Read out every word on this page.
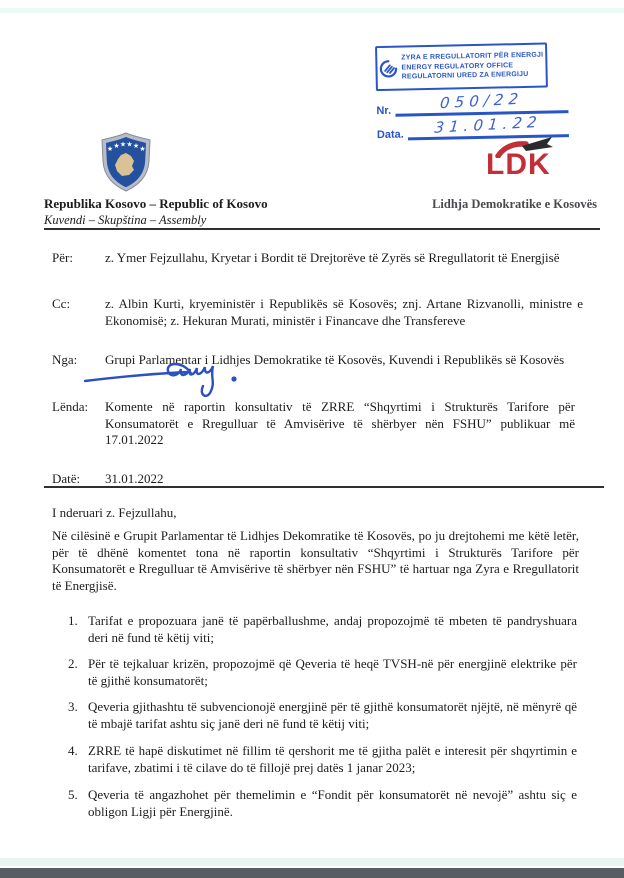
ZYRA E RREGULLATORIT PËR ENERGJI
ENERGY REGULATORY OFFICE
REGULATORNI URED ZA ENERGIJU
Nr.	050/22
Data.	31.01.22
★ ★ ★ ★ ★ ★
Republika Kosovo – Republic of Kosovo
Kuvendi – Skupština – Assembly
LDK
Lidhja Demokratike e Kosovës
Për:	z. Ymer Fejzullahu, Kryetar i Bordit të Drejtorëve të Zyrës së Rregullatorit të Energjisë
Cc:	z. Albin Kurti, kryeministër i Republikës së Kosovës; znj. Artane Rizvanolli, ministre e Ekonomisë; z. Hekuran Murati, ministër i Financave dhe Transfereve
Nga:	Grupi Parlamentar i Lidhjes Demokratike të Kosovës, Kuvendi i Republikës së Kosovës
Lënda:	Komente në raportin konsultativ të ZRRE “Shqyrtimi i Strukturës Tarifore për Konsumatorët e Rregulluar të Amvisërive të shërbyer nën FSHU” publikuar më 17.01.2022
Datë:	31.01.2022
I nderuari z. Fejzullahu,
Në cilësinë e Grupit Parlamentar të Lidhjes Dekomratike të Kosovës, po ju drejtohemi me këtë letër, për të dhënë komentet tona në raportin konsultativ “Shqyrtimi i Strukturës Tarifore për Konsumatorët e Rregulluar të Amvisërive të shërbyer nën FSHU” të hartuar nga Zyra e Rregullatorit të Energjisë.
1. Tarifat e propozuara janë të papërballushme, andaj propozojmë të mbeten të pandryshuara deri në fund të këtij viti;
2. Për të tejkaluar krizën, propozojmë që Qeveria të heqë TVSH-në për energjinë elektrike për të gjithë konsumatorët;
3. Qeveria gjithashtu të subvencionojë energjinë për të gjithë konsumatorët njëjtë, në mënyrë që të mbajë tarifat ashtu siç janë deri në fund të këtij viti;
4. ZRRE të hapë diskutimet në fillim të qershorit me të gjitha palët e interesit për shqyrtimin e tarifave, zbatimi i të cilave do të fillojë prej datës 1 janar 2023;
5. Qeveria të angazhohet për themelimin e “Fondit për konsumatorët në nevojë” ashtu siç e obligon Ligji për Energjinë.
